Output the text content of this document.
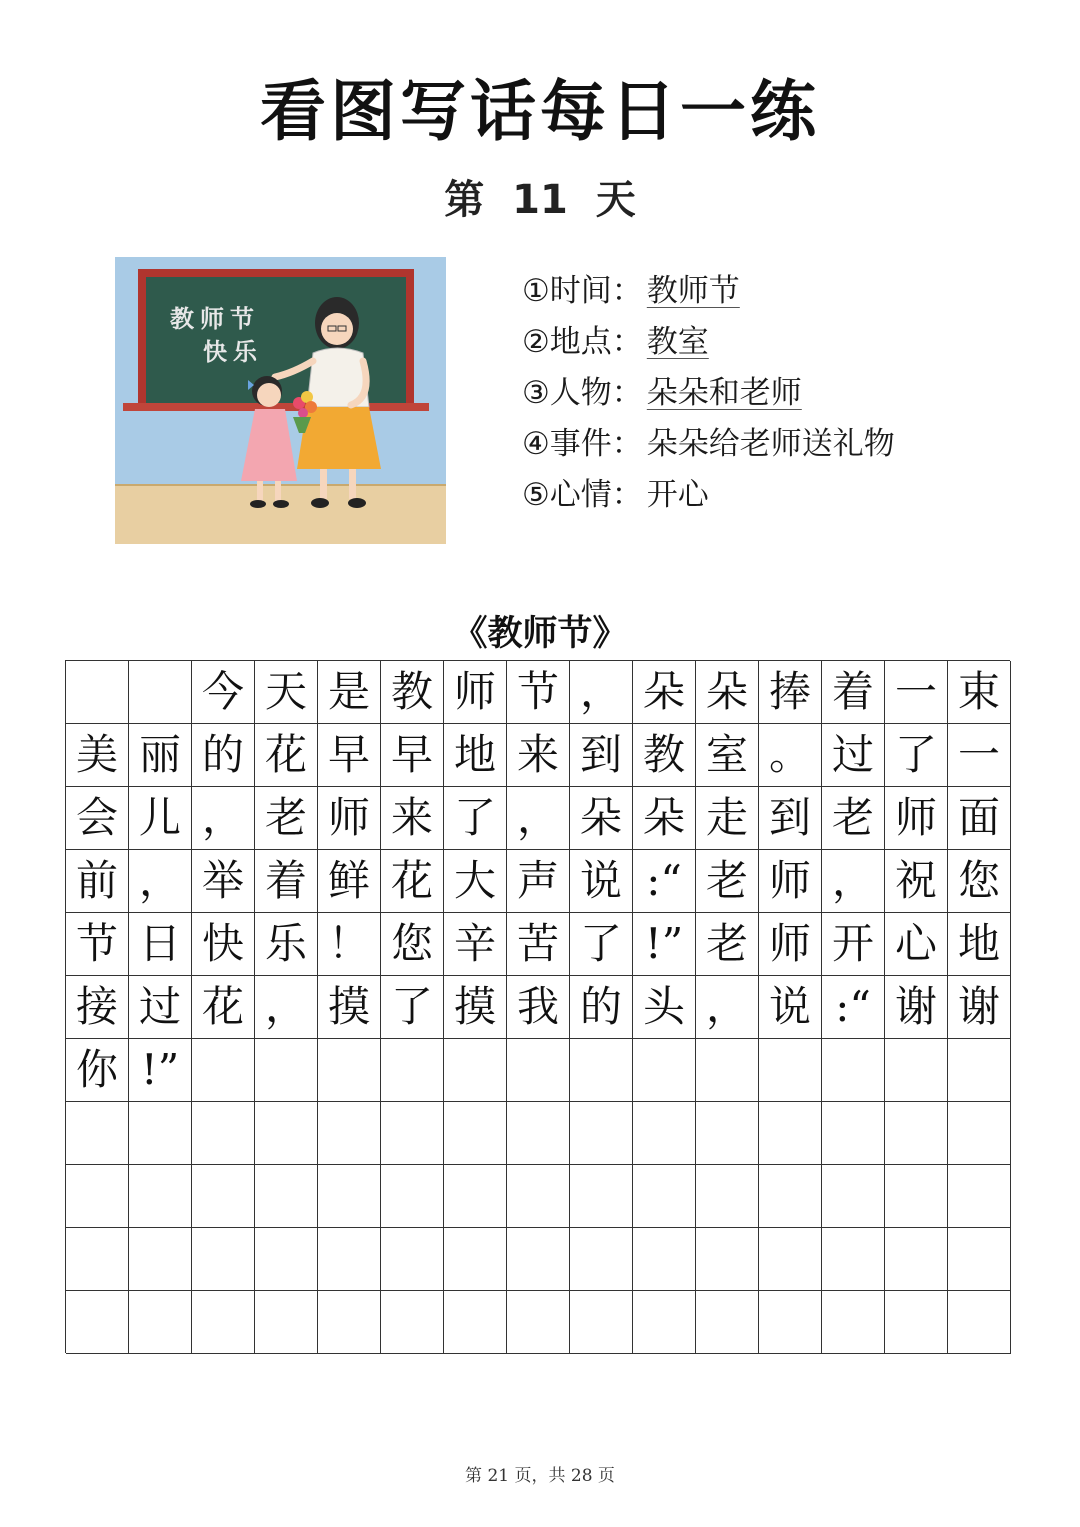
看图写话每日一练
第 11 天
教师节
快乐
①时间： 教师节
②地点： 教室
③人物： 朵朵和老师
④事件： 朵朵给老师送礼物
⑤心情： 开心
《教师节》
今 天 是 教 师 节 ， 朵 朵 捧 着 一 束
美 丽 的 花 早 早 地 来 到 教 室 。 过 了 一
会 儿 ， 老 师 来 了 ， 朵 朵 走 到 老 师 面
前 ， 举 着 鲜 花 大 声 说 :“ 老 师 ， 祝 您
节 日 快 乐 ！ 您 辛 苦 了 !” 老 师 开 心 地
接 过 花 ， 摸 了 摸 我 的 头 ， 说 :“ 谢 谢
你 !”
第 21 页，共 28 页
